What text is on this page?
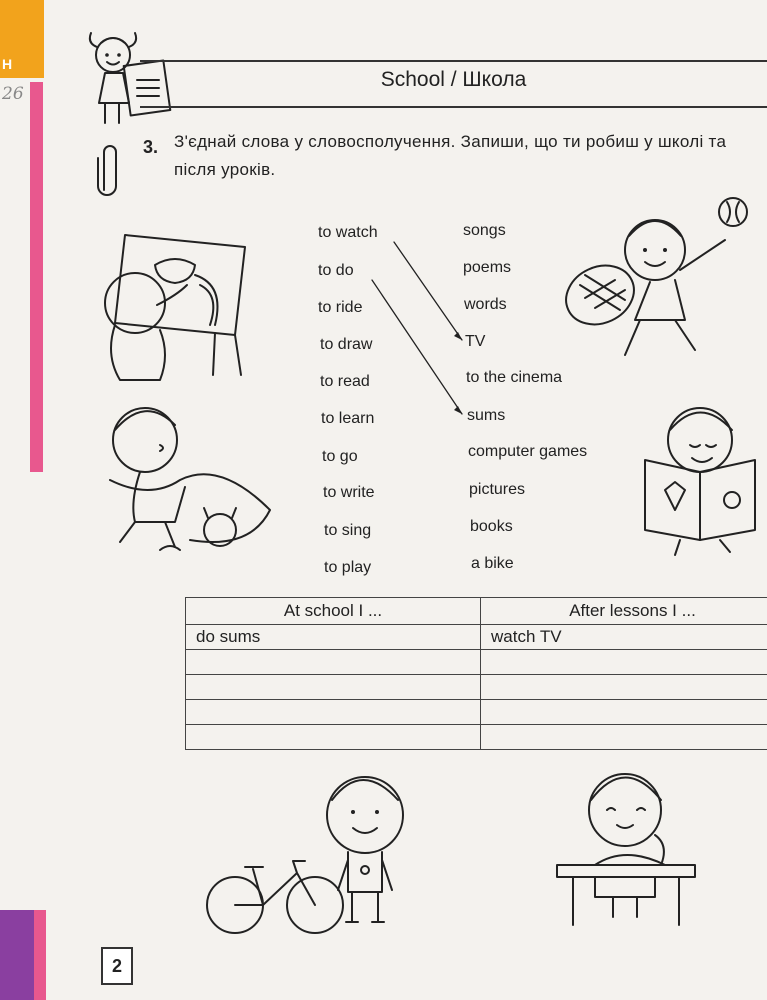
H
26
School / Школа
3. З'єднай слова у словосполучення. Запиши, що ти робиш у школі та після уроків.
to watch
to do
to ride
to draw
to read
to learn
to go
to write
to sing
to play
songs
poems
words
TV
to the cinema
sums
computer games
pictures
books
a bike
At school I ...	After lessons I ...
do sums	watch TV

2
